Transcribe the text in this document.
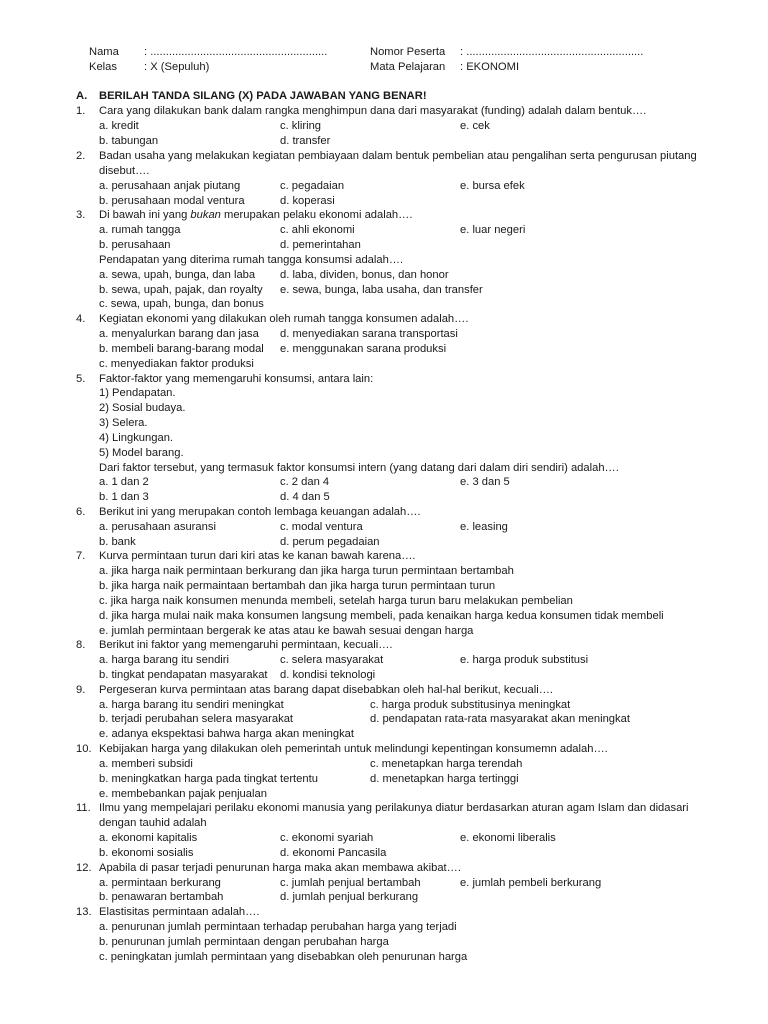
Nama : .........................................................	Nomor Peserta : .........................................................
Kelas : X (Sepuluh)	Mata Pelajaran : EKONOMI
A. BERILAH TANDA SILANG (X) PADA JAWABAN YANG BENAR!
1. Cara yang dilakukan bank dalam rangka menghimpun dana dari masyarakat (funding) adalah dalam bentuk….
a. kredit	c. kliring	e. cek
b. tabungan	d. transfer
2. Badan usaha yang melakukan kegiatan pembiayaan dalam bentuk pembelian atau pengalihan serta pengurusan piutang
disebut….
a. perusahaan anjak piutang	c. pegadaian	e. bursa efek
b. perusahaan modal ventura	d. koperasi
3. Di bawah ini yang bukan merupakan pelaku ekonomi adalah….
a. rumah tangga	c. ahli ekonomi	e. luar negeri
b. perusahaan	d. pemerintahan
Pendapatan yang diterima rumah tangga konsumsi adalah….
a. sewa, upah, bunga, dan laba d. laba, dividen, bonus, dan honor
b. sewa, upah, pajak, dan royalty e. sewa, bunga, laba usaha, dan transfer
c. sewa, upah, bunga, dan bonus
4. Kegiatan ekonomi yang dilakukan oleh rumah tangga konsumen adalah….
a. menyalurkan barang dan jasa d. menyediakan sarana transportasi
b. membeli barang-barang modal e. menggunakan sarana produksi
c. menyediakan faktor produksi
5. Faktor-faktor yang memengaruhi konsumsi, antara lain:
1) Pendapatan.
2) Sosial budaya.
3) Selera.
4) Lingkungan.
5) Model barang.
Dari faktor tersebut, yang termasuk faktor konsumsi intern (yang datang dari dalam diri sendiri) adalah….
a. 1 dan 2	c. 2 dan 4	e. 3 dan 5
b. 1 dan 3	d. 4 dan 5
6. Berikut ini yang merupakan contoh lembaga keuangan adalah….
a. perusahaan asuransi	c. modal ventura	e. leasing
b. bank	d. perum pegadaian
7. Kurva permintaan turun dari kiri atas ke kanan bawah karena….
a. jika harga naik permintaan berkurang dan jika harga turun permintaan bertambah
b. jika harga naik permaintaan bertambah dan jika harga turun permintaan turun
c. jika harga naik konsumen menunda membeli, setelah harga turun baru melakukan pembelian
d. jika harga mulai naik maka konsumen langsung membeli, pada kenaikan harga kedua konsumen tidak membeli
e. jumlah permintaan bergerak ke atas atau ke bawah sesuai dengan harga
8. Berikut ini faktor yang memengaruhi permintaan, kecuali….
a. harga barang itu sendiri	c. selera masyarakat	e. harga produk substitusi
b. tingkat pendapatan masyarakat d. kondisi teknologi
9. Pergeseran kurva permintaan atas barang dapat disebabkan oleh hal-hal berikut, kecuali….
a. harga barang itu sendiri meningkat	c. harga produk substitusinya meningkat
b. terjadi perubahan selera masyarakat	d. pendapatan rata-rata masyarakat akan meningkat
e. adanya ekspektasi bahwa harga akan meningkat
10. Kebijakan harga yang dilakukan oleh pemerintah untuk melindungi kepentingan konsumemn adalah….
a. memberi subsidi	c. menetapkan harga terendah
b. meningkatkan harga pada tingkat tertentu	d. menetapkan harga tertinggi
e. membebankan pajak penjualan
11. Ilmu yang mempelajari perilaku ekonomi manusia yang perilakunya diatur berdasarkan aturan agam Islam dan didasari
dengan tauhid adalah
a. ekonomi kapitalis	c. ekonomi syariah	e. ekonomi liberalis
b. ekonomi sosialis	d. ekonomi Pancasila
12. Apabila di pasar terjadi penurunan harga maka akan membawa akibat….
a. permintaan berkurang	c. jumlah penjual bertambah	e. jumlah pembeli berkurang
b. penawaran bertambah	d. jumlah penjual berkurang
13. Elastisitas permintaan adalah….
a. penurunan jumlah permintaan terhadap perubahan harga yang terjadi
b. penurunan jumlah permintaan dengan perubahan harga
c. peningkatan jumlah permintaan yang disebabkan oleh penurunan harga
